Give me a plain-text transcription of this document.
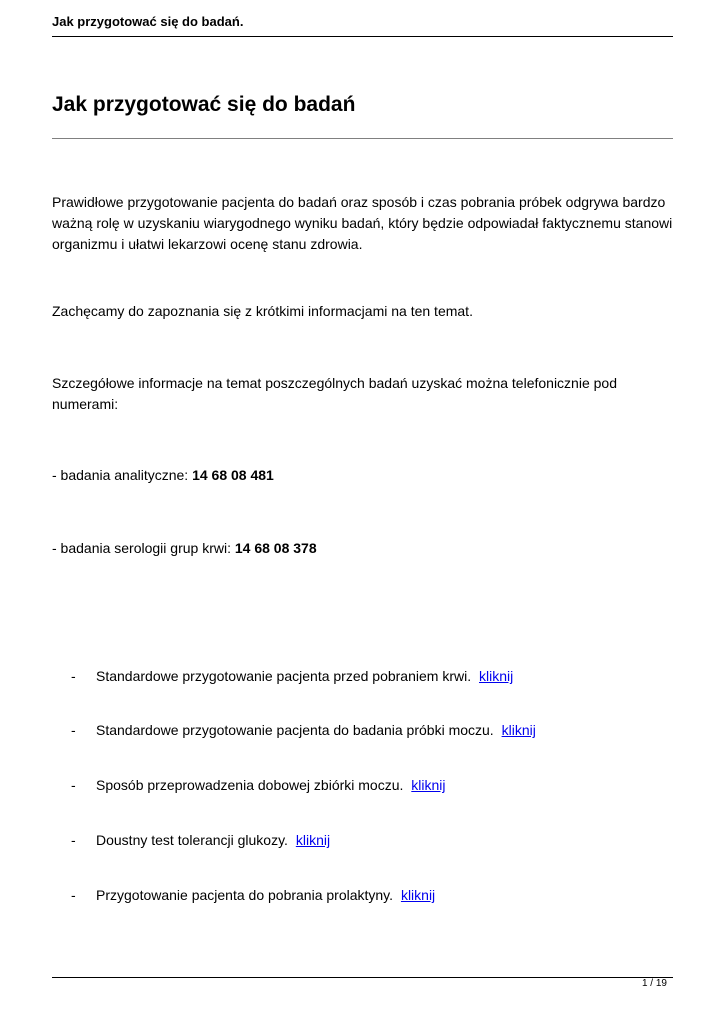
Jak przygotować się do badań.
Jak przygotować się do badań

Prawidłowe przygotowanie pacjenta do badań oraz sposób i czas pobrania próbek odgrywa bardzo ważną rolę w uzyskaniu wiarygodnego wyniku badań, który będzie odpowiadał faktycznemu stanowi organizmu i ułatwi lekarzowi ocenę stanu zdrowia.

Zachęcamy do zapoznania się z krótkimi informacjami na ten temat.

Szczegółowe informacje na temat poszczególnych badań uzyskać można telefonicznie pod numerami:

- badania analityczne: 14 68 08 481

- badania serologii grup krwi: 14 68 08 378

- Standardowe przygotowanie pacjenta przed pobraniem krwi. kliknij
- Standardowe przygotowanie pacjenta do badania próbki moczu. kliknij
- Sposób przeprowadzenia dobowej zbiórki moczu. kliknij
- Doustny test tolerancji glukozy. kliknij
- Przygotowanie pacjenta do pobrania prolaktyny. kliknij
1 / 19
